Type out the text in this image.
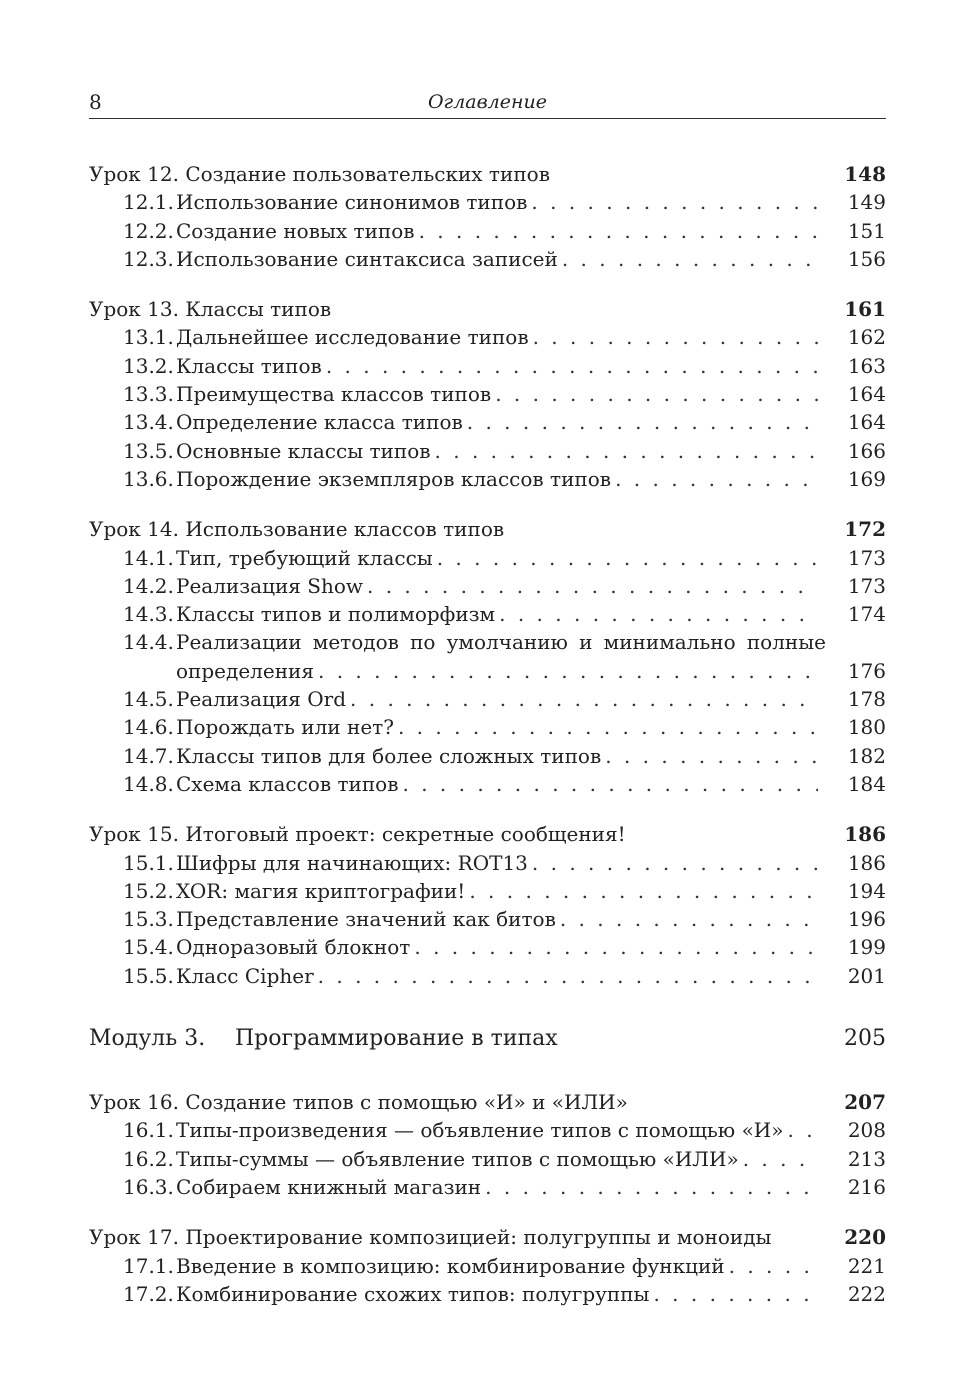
8	Оглавление
Урок 12. Создание пользовательских типов	148
12.1. Использование синонимов типов . . .	149
12.2. Создание новых типов . . .	151
12.3. Использование синтаксиса записей . . .	156
Урок 13. Классы типов	161
13.1. Дальнейшее исследование типов . . .	162
13.2. Классы типов . . .	163
13.3. Преимущества классов типов . . .	164
13.4. Определение класса типов . . .	164
13.5. Основные классы типов . . .	166
13.6. Порождение экземпляров классов типов . . .	169
Урок 14. Использование классов типов	172
14.1. Тип, требующий классы . . .	173
14.2. Реализация Show . . .	173
14.3. Классы типов и полиморфизм . . .	174
14.4. Реализации методов по умолчанию и минимально полные
определения . . .	176
14.5. Реализация Ord . . .	178
14.6. Порождать или нет? . . .	180
14.7. Классы типов для более сложных типов . . .	182
14.8. Схема классов типов . . .	184
Урок 15. Итоговый проект: секретные сообщения!	186
15.1. Шифры для начинающих: ROT13 . . .	186
15.2. XOR: магия криптографии! . . .	194
15.3. Представление значений как битов . . .	196
15.4. Одноразовый блокнот . . .	199
15.5. Класс Cipher . . .	201
Модуль 3.	Программирование в типах	205
Урок 16. Создание типов с помощью «И» и «ИЛИ»	207
16.1. Типы-произведения — объявление типов с помощью «И» . . .	208
16.2. Типы-суммы — объявление типов с помощью «ИЛИ» . . .	213
16.3. Собираем книжный магазин . . .	216
Урок 17. Проектирование композицией: полугруппы и моноиды	220
17.1. Введение в композицию: комбинирование функций . . .	221
17.2. Комбинирование схожих типов: полугруппы . . .	222
